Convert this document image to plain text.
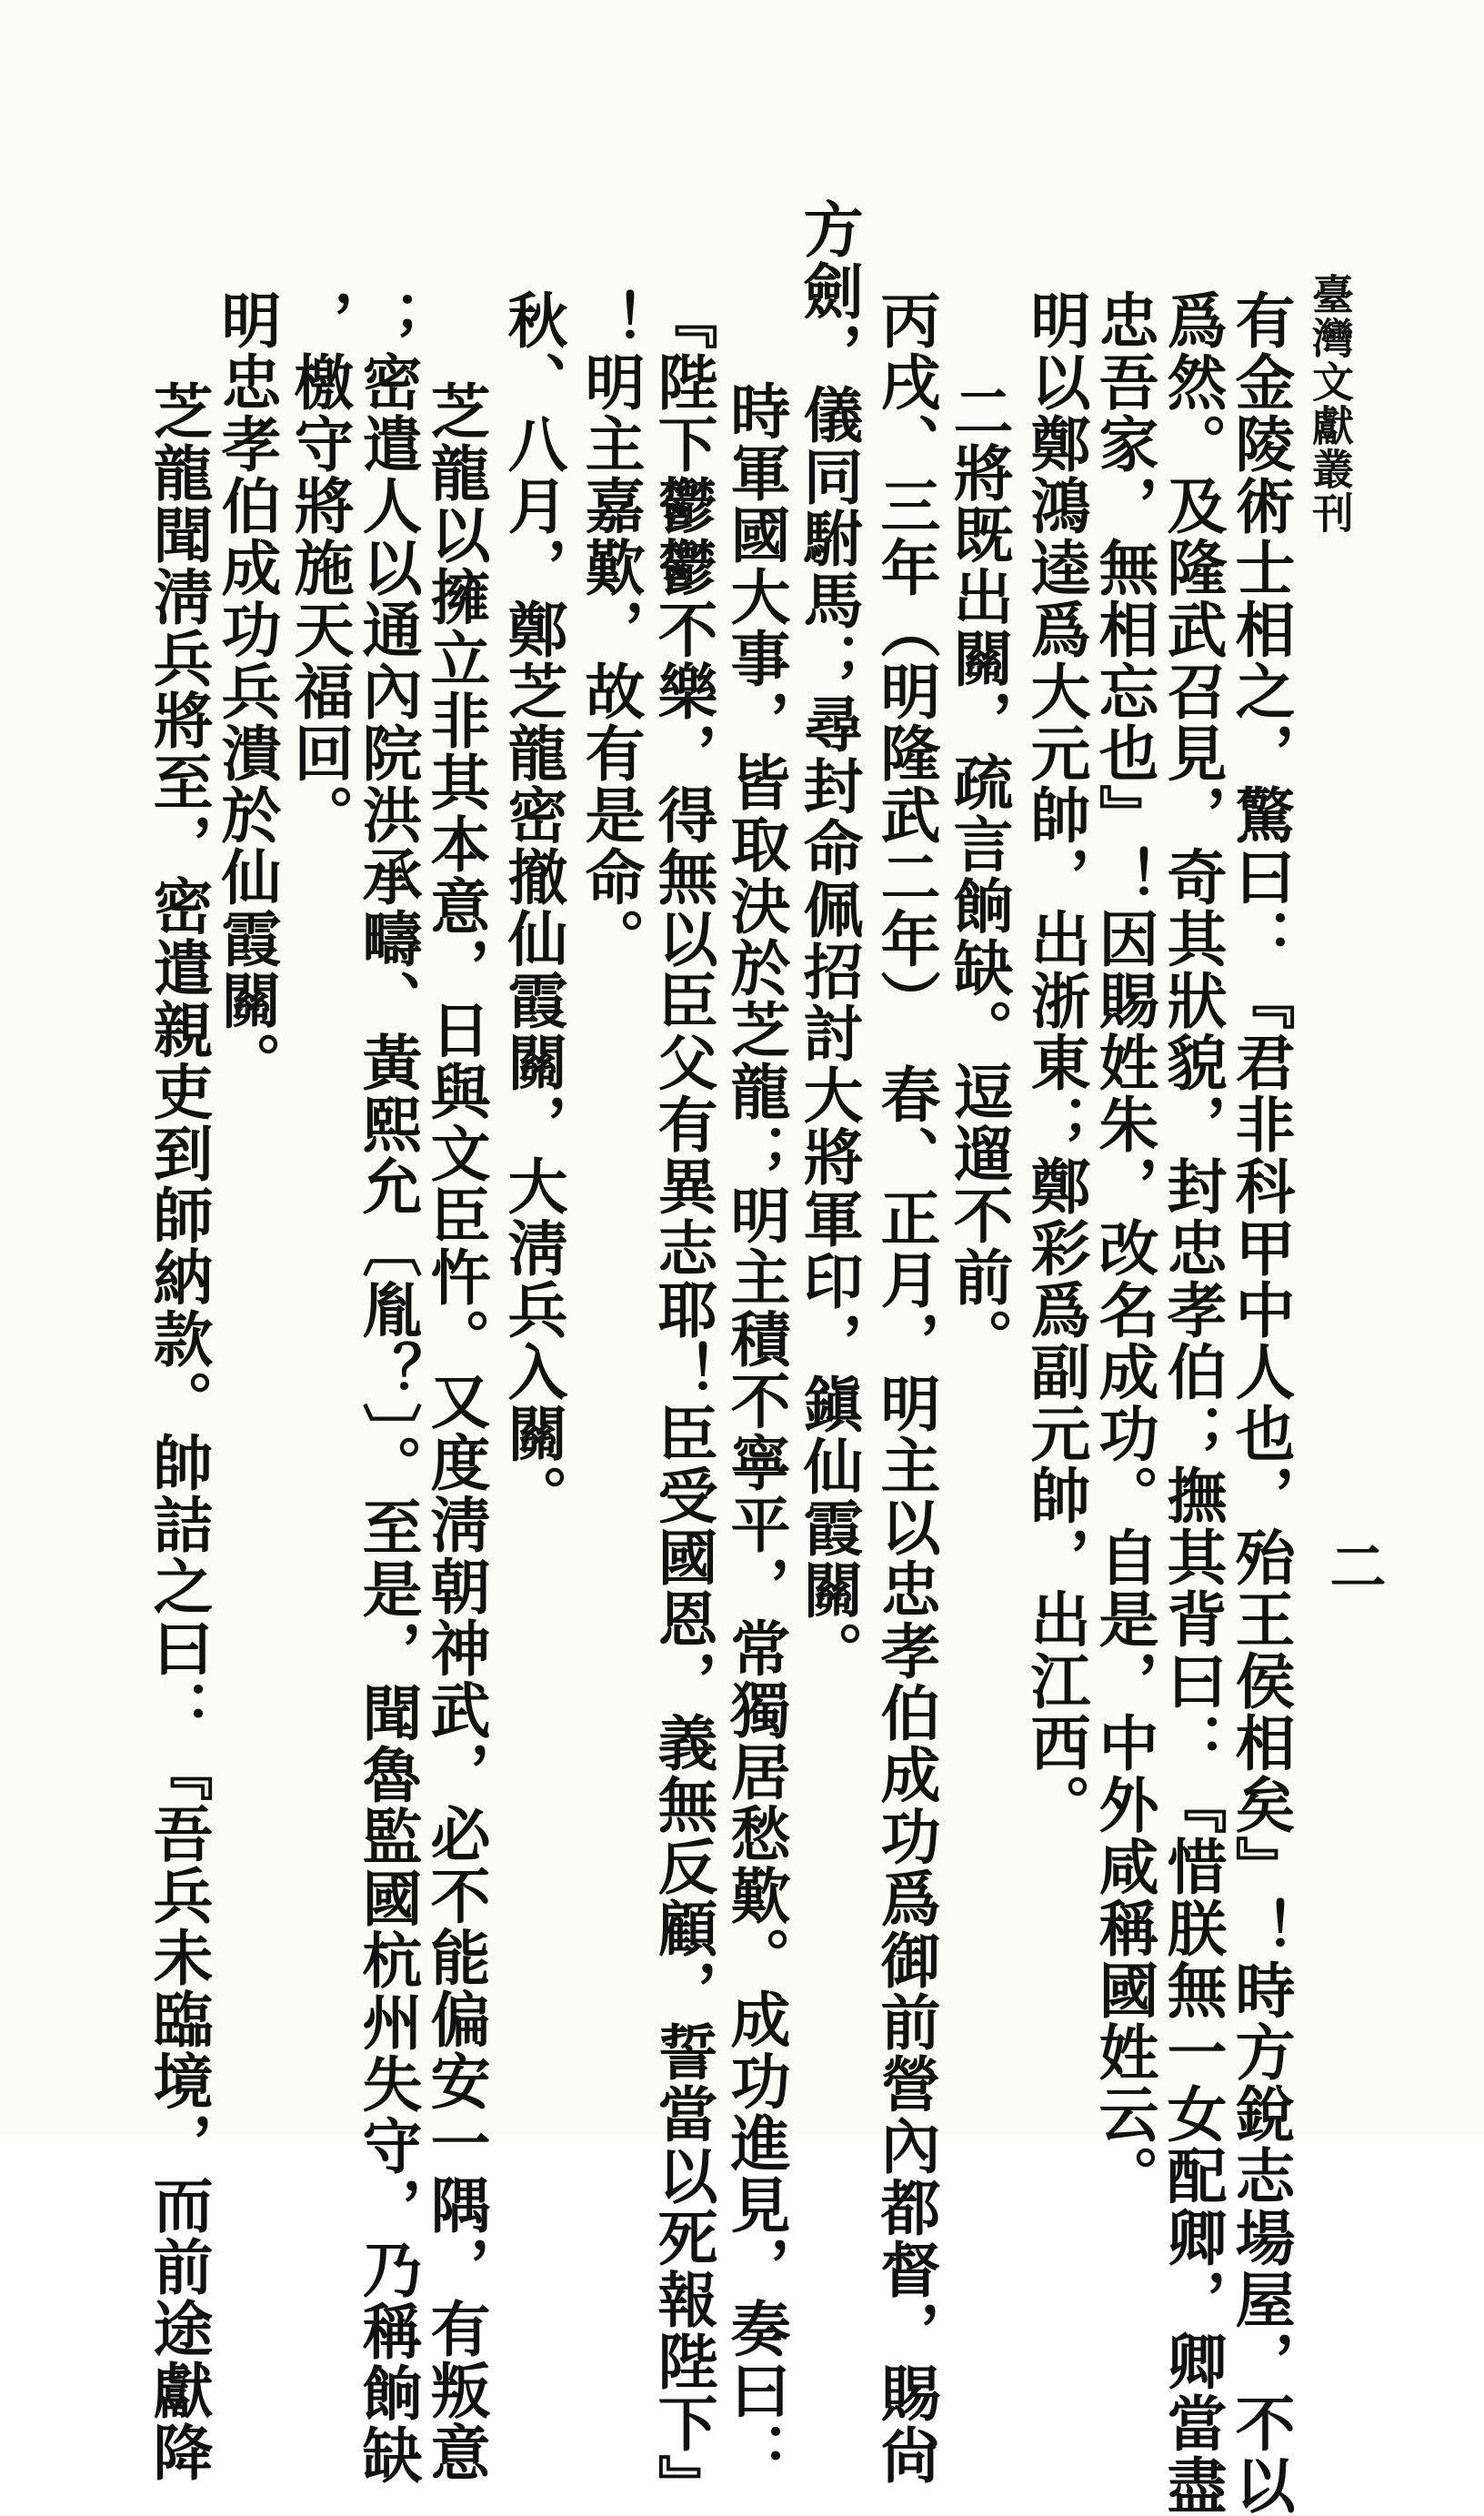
臺灣文獻叢刊
二
有金陵術士相之，驚曰：『君非科甲中人也，殆王侯相矣』！時方銳志場屋，不以
爲然。及隆武召見，奇其狀貌，封忠孝伯；撫其背曰：『惜朕無一女配卿，卿當盡
忠吾家，無相忘也』！因賜姓朱，改名成功。自是，中外咸稱國姓云。
明以鄭鴻逵爲大元帥，出浙東；鄭彩爲副元帥，出江西。
二將既出關，疏言餉缺。逗遛不前。
丙戌、三年（明隆武二年）　春、正月，明主以忠孝伯成功爲御前營內都督，賜尙
方劍，儀同駙馬；尋封命佩招討大將軍印，鎭仙霞關。
時軍國大事，皆取決於芝龍；明主積不寧平，常獨居愁歎。成功進見，奏曰：
『陛下鬱鬱不樂，得無以臣父有異志耶！臣受國恩，義無反顧，誓當以死報陛下』
！明主嘉歎，故有是命。
秋、八月，鄭芝龍密撤仙霞關，大淸兵入關。
芝龍以擁立非其本意，日與文臣忤。又度淸朝神武，必不能偏安一隅，有叛意
；密遣人以通內院洪承疇、黃熙允〔胤？〕。至是，聞魯監國杭州失守，乃稱餉缺
，檄守將施天福回。
明忠孝伯成功兵潰於仙霞關。
芝龍聞淸兵將至，密遣親吏到師納款。帥詰之曰：『吾兵未臨境，而前途獻降
